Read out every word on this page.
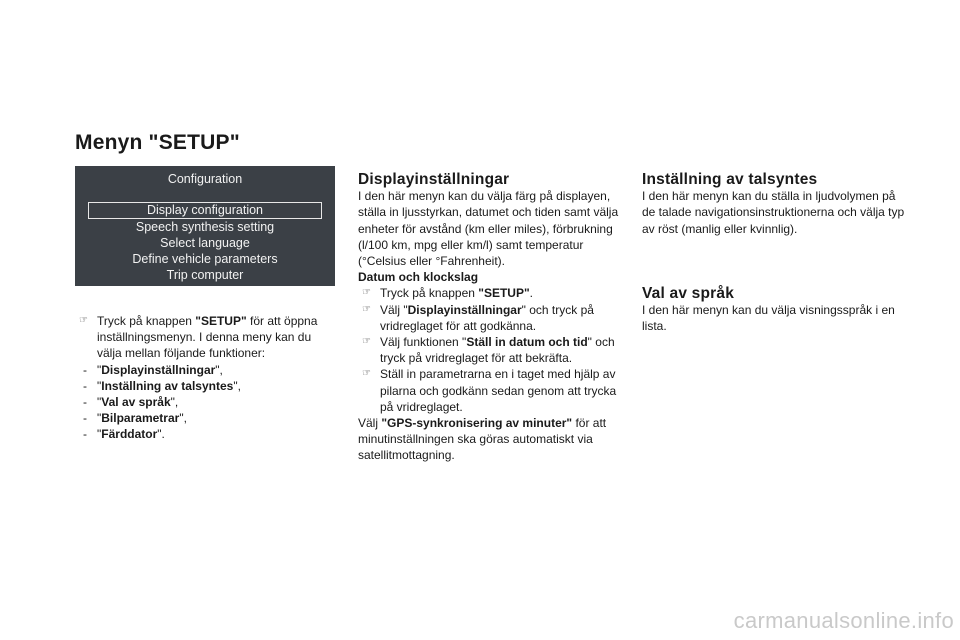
Menyn "SETUP"
Configuration
Display configuration
Speech synthesis setting
Select language
Define vehicle parameters
Trip computer

☞ Tryck på knappen "SETUP" för att öppna inställningsmenyn. I denna meny kan du välja mellan följande funktioner:

- "Displayinställningar",

- "Inställning av talsyntes",

- "Val av språk",

- "Bilparametrar",

- "Färddator".

Displayinställningar

I den här menyn kan du välja färg på displayen, ställa in ljusstyrkan, datumet och tiden samt välja enheter för avstånd (km eller miles), förbrukning (l/100 km, mpg eller km/l) samt temperatur (°Celsius eller °Fahrenheit).

Datum och klockslag

☞ Tryck på knappen "SETUP".

☞ Välj "Displayinställningar" och tryck på vridreglaget för att godkänna.

☞ Välj funktionen "Ställ in datum och tid" och tryck på vridreglaget för att bekräfta.

☞ Ställ in parametrarna en i taget med hjälp av pilarna och godkänn sedan genom att trycka på vridreglaget.

Välj "GPS-synkronisering av minuter" för att minutinställningen ska göras automatiskt via satellitmottagning.

Inställning av talsyntes

I den här menyn kan du ställa in ljudvolymen på de talade navigationsinstruktionerna och välja typ av röst (manlig eller kvinnlig).

Val av språk

I den här menyn kan du välja visningsspråk i en lista.

carmanualsonline.info
